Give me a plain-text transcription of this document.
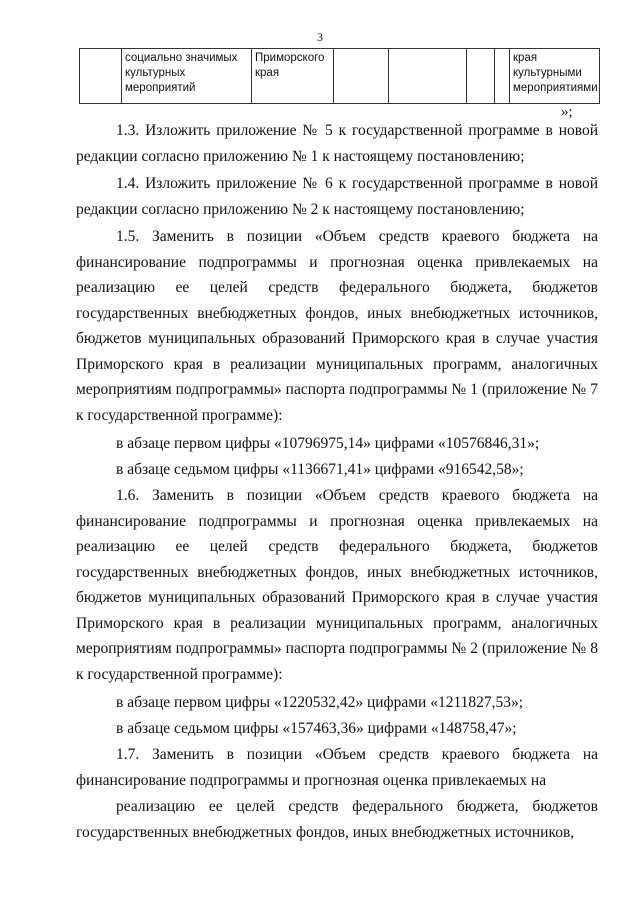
3
	социально значимых культурных мероприятий	Приморского края					края культурными мероприятиями
»;

1.3. Изложить приложение № 5 к государственной программе в новой редакции согласно приложению № 1 к настоящему постановлению;

1.4. Изложить приложение № 6 к государственной программе в новой редакции согласно приложению № 2 к настоящему постановлению;

1.5. Заменить в позиции «Объем средств краевого бюджета на финансирование подпрограммы и прогнозная оценка привлекаемых на реализацию ее целей средств федерального бюджета, бюджетов государственных внебюджетных фондов, иных внебюджетных источников, бюджетов муниципальных образований Приморского края в случае участия Приморского края в реализации муниципальных программ, аналогичных мероприятиям подпрограммы» паспорта подпрограммы № 1 (приложение № 7 к государственной программе):

в абзаце первом цифры «10796975,14» цифрами «10576846,31»;

в абзаце седьмом цифры «1136671,41» цифрами «916542,58»;

1.6. Заменить в позиции «Объем средств краевого бюджета на финансирование подпрограммы и прогнозная оценка привлекаемых на реализацию ее целей средств федерального бюджета, бюджетов государственных внебюджетных фондов, иных внебюджетных источников, бюджетов муниципальных образований Приморского края в случае участия Приморского края в реализации муниципальных программ, аналогичных мероприятиям подпрограммы» паспорта подпрограммы № 2 (приложение № 8 к государственной программе):

в абзаце первом цифры «1220532,42» цифрами «1211827,53»;

в абзаце седьмом цифры «157463,36» цифрами «148758,47»;

1.7. Заменить в позиции «Объем средств краевого бюджета на финансирование подпрограммы и прогнозная оценка привлекаемых на

реализацию ее целей средств федерального бюджета, бюджетов государственных внебюджетных фондов, иных внебюджетных источников,
